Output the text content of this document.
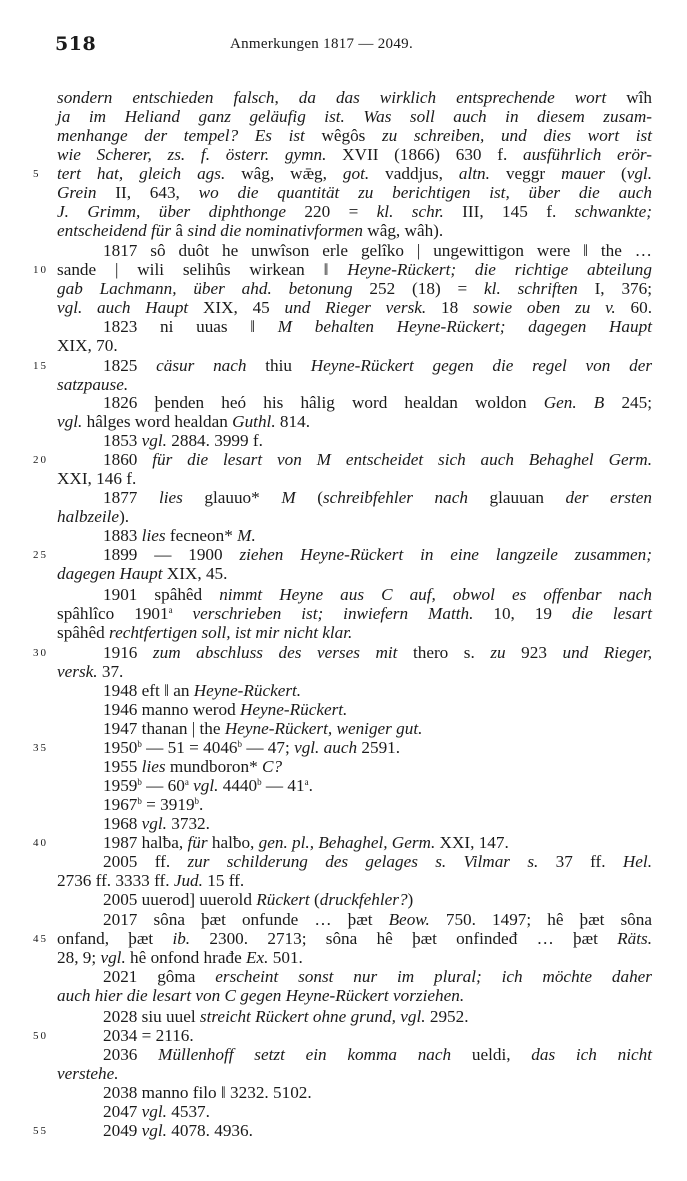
518	Anmerkungen 1817 — 2049.
sondern entschieden falsch, da das wirklich entsprechende wort wîh
ja im Heliand ganz geläufig ist. Was soll auch in diesem zusam-
menhange der tempel? Es ist wêgôs zu schreiben, und dies wort ist
wie Scherer, zs. f. österr. gymn. XVII (1866) 630 f. ausführlich erör-
tert hat, gleich ags. wâg, wǣg, got. vaddjus, altn. veggr mauer (vgl.
Grein II, 643, wo die quantität zu berichtigen ist, über die auch
J. Grimm, über diphthonge 220 = kl. schr. III, 145 f. schwankte;
entscheidend für â sind die nominativformen wâg, wâh).
1817 sô duôt he unwîson erle gelîko | ungewittigon were ‖ the …
sande | wili selihûs wirkean ‖ Heyne-Rückert; die richtige abteilung
gab Lachmann, über ahd. betonung 252 (18) = kl. schriften I, 376;
vgl. auch Haupt XIX, 45 und Rieger versk. 18 sowie oben zu v. 60.
1823 ni uuas ‖ M behalten Heyne-Rückert; dagegen Haupt
XIX, 70.
1825 cäsur nach thiu Heyne-Rückert gegen die regel von der
satzpause.
1826 þenden heó his hâlig word healdan woldon Gen. B 245;
vgl. hâlges word healdan Guthl. 814.
1853 vgl. 2884. 3999 f.
1860 für die lesart von M entscheidet sich auch Behaghel Germ.
XXI, 146 f.
1877 lies glauuo* M (schreibfehler nach glauuan der ersten
halbzeile).
1883 lies fecneon* M.
1899 — 1900 ziehen Heyne-Rückert in eine langzeile zusammen;
dagegen Haupt XIX, 45.
1901 spâhêd nimmt Heyne aus C auf, obwol es offenbar nach
spâhlîco 1901$^a$ verschrieben ist; inwiefern Matth. 10, 19 die lesart
spâhêd rechtfertigen soll, ist mir nicht klar.
1916 zum abschluss des verses mit thero s. zu 923 und Rieger,
versk. 37.
1948 eft ‖ an Heyne-Rückert.
1946 manno werod Heyne-Rückert.
1947 thanan | the Heyne-Rückert, weniger gut.
1950$^b$ — $51 = 4046^b$ — 47; vgl. auch 2591.
1955 lies mundboron* C?
1959$^b$ — 60$^a$ vgl. 4440$^b$ — 41$^a$.
$1967^b = 3919^b$.
1968 vgl. 3732.
1987 halƀa, für halƀo, gen. pl., Behaghel, Germ. XXI, 147.
2005 ff. zur schilderung des gelages s. Vilmar s. 37 ff. Hel.
2736 ff. 3333 ff. Jud. 15 ff.
2005 uuerod] uuerold Rückert (druckfehler?)
2017 sôna þæt onfunde … þæt Beow. 750. 1497; hê þæt sôna
onfand, þæt ib. 2300. 2713; sôna hê þæt onfindeđ … þæt Räts.
28, 9; vgl. hê onfond hrađe Ex. 501.
2021 gôma erscheint sonst nur im plural; ich möchte daher
auch hier die lesart von C gegen Heyne-Rückert vorziehen.
2028 siu uuel streicht Rückert ohne grund, vgl. 2952.
2034 = 2116.
2036 Müllenhoff setzt ein komma nach ueldi, das ich nicht
verstehe.
2038 manno filo ‖ 3232. 5102.
2047 vgl. 4537.
2049 vgl. 4078. 4936.
5
10
15
20
25
30
35
40
45
50
55
